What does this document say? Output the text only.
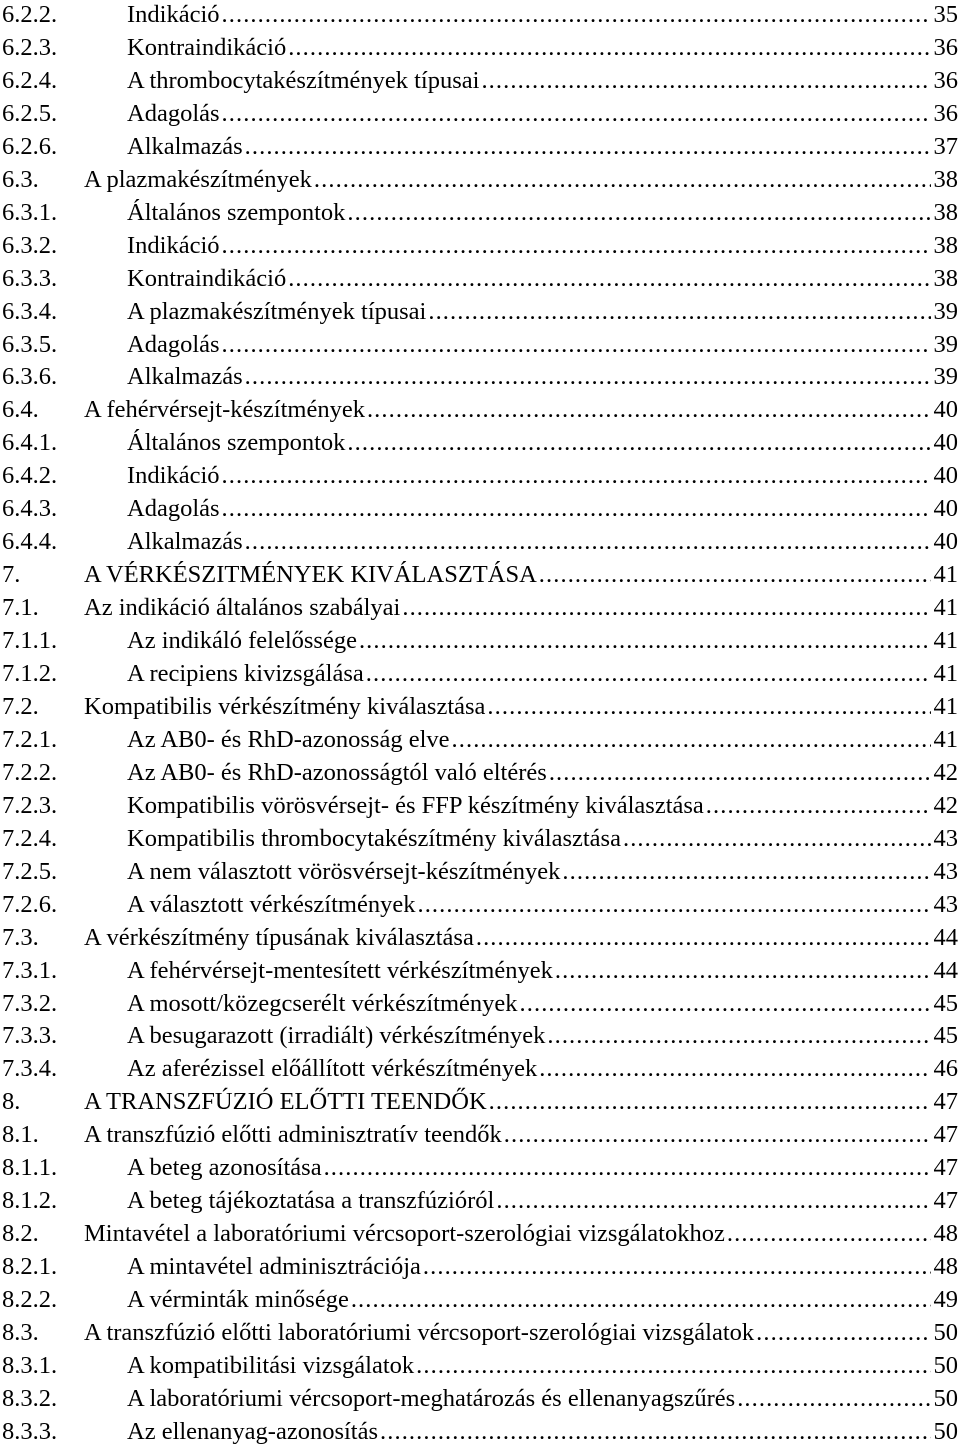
6.2.2.	Indikáció .....	35
6.2.3.	Kontraindikáció .....	36
6.2.4.	A thrombocytakészítmények típusai .....	36
6.2.5.	Adagolás .....	36
6.2.6.	Alkalmazás .....	37
6.3. A plazmakészítmények .....	38
6.3.1.	Általános szempontok .....	38
6.3.2.	Indikáció .....	38
6.3.3.	Kontraindikáció .....	38
6.3.4.	A plazmakészítmények típusai .....	39
6.3.5.	Adagolás .....	39
6.3.6.	Alkalmazás .....	39
6.4. A fehérvérsejt-készítmények .....	40
6.4.1.	Általános szempontok .....	40
6.4.2.	Indikáció .....	40
6.4.3.	Adagolás .....	40
6.4.4.	Alkalmazás .....	40
7.	A VÉRKÉSZITMÉNYEK KIVÁLASZTÁSA .....	41
7.1. Az indikáció általános szabályai .....	41
7.1.1.	Az indikáló felelőssége .....	41
7.1.2.	A recipiens kivizsgálása .....	41
7.2. Kompatibilis vérkészítmény kiválasztása .....	41
7.2.1.	Az AB0- és RhD-azonosság elve .....	41
7.2.2.	Az AB0- és RhD-azonosságtól való eltérés .....	42
7.2.3.	Kompatibilis vörösvérsejt- és FFP készítmény kiválasztása .....	42
7.2.4.	Kompatibilis thrombocytakészítmény kiválasztása .....	43
7.2.5.	A nem választott vörösvérsejt-készítmények .....	43
7.2.6.	A választott vérkészítmények .....	43
7.3. A vérkészítmény típusának kiválasztása .....	44
7.3.1.	A fehérvérsejt-mentesített vérkészítmények .....	44
7.3.2.	A mosott/közegcserélt vérkészítmények .....	45
7.3.3.	A besugarazott (irradiált) vérkészítmények .....	45
7.3.4.	Az aferézissel előállított vérkészítmények .....	46
8.	A TRANSZFÚZIÓ ELŐTTI TEENDŐK .....	47
8.1. A transzfúzió előtti adminisztratív teendők .....	47
8.1.1.	A beteg azonosítása .....	47
8.1.2.	A beteg tájékoztatása a transzfúzióról .....	47
8.2. Mintavétel a laboratóriumi vércsoport-szerológiai vizsgálatokhoz .....	48
8.2.1.	A mintavétel adminisztrációja .....	48
8.2.2.	A vérminták minősége .....	49
8.3. A transzfúzió előtti laboratóriumi vércsoport-szerológiai vizsgálatok .....	50
8.3.1.	A kompatibilitási vizsgálatok .....	50
8.3.2.	A laboratóriumi vércsoport-meghatározás és ellenanyagszűrés .....	50
8.3.3.	Az ellenanyag-azonosítás .....	50
